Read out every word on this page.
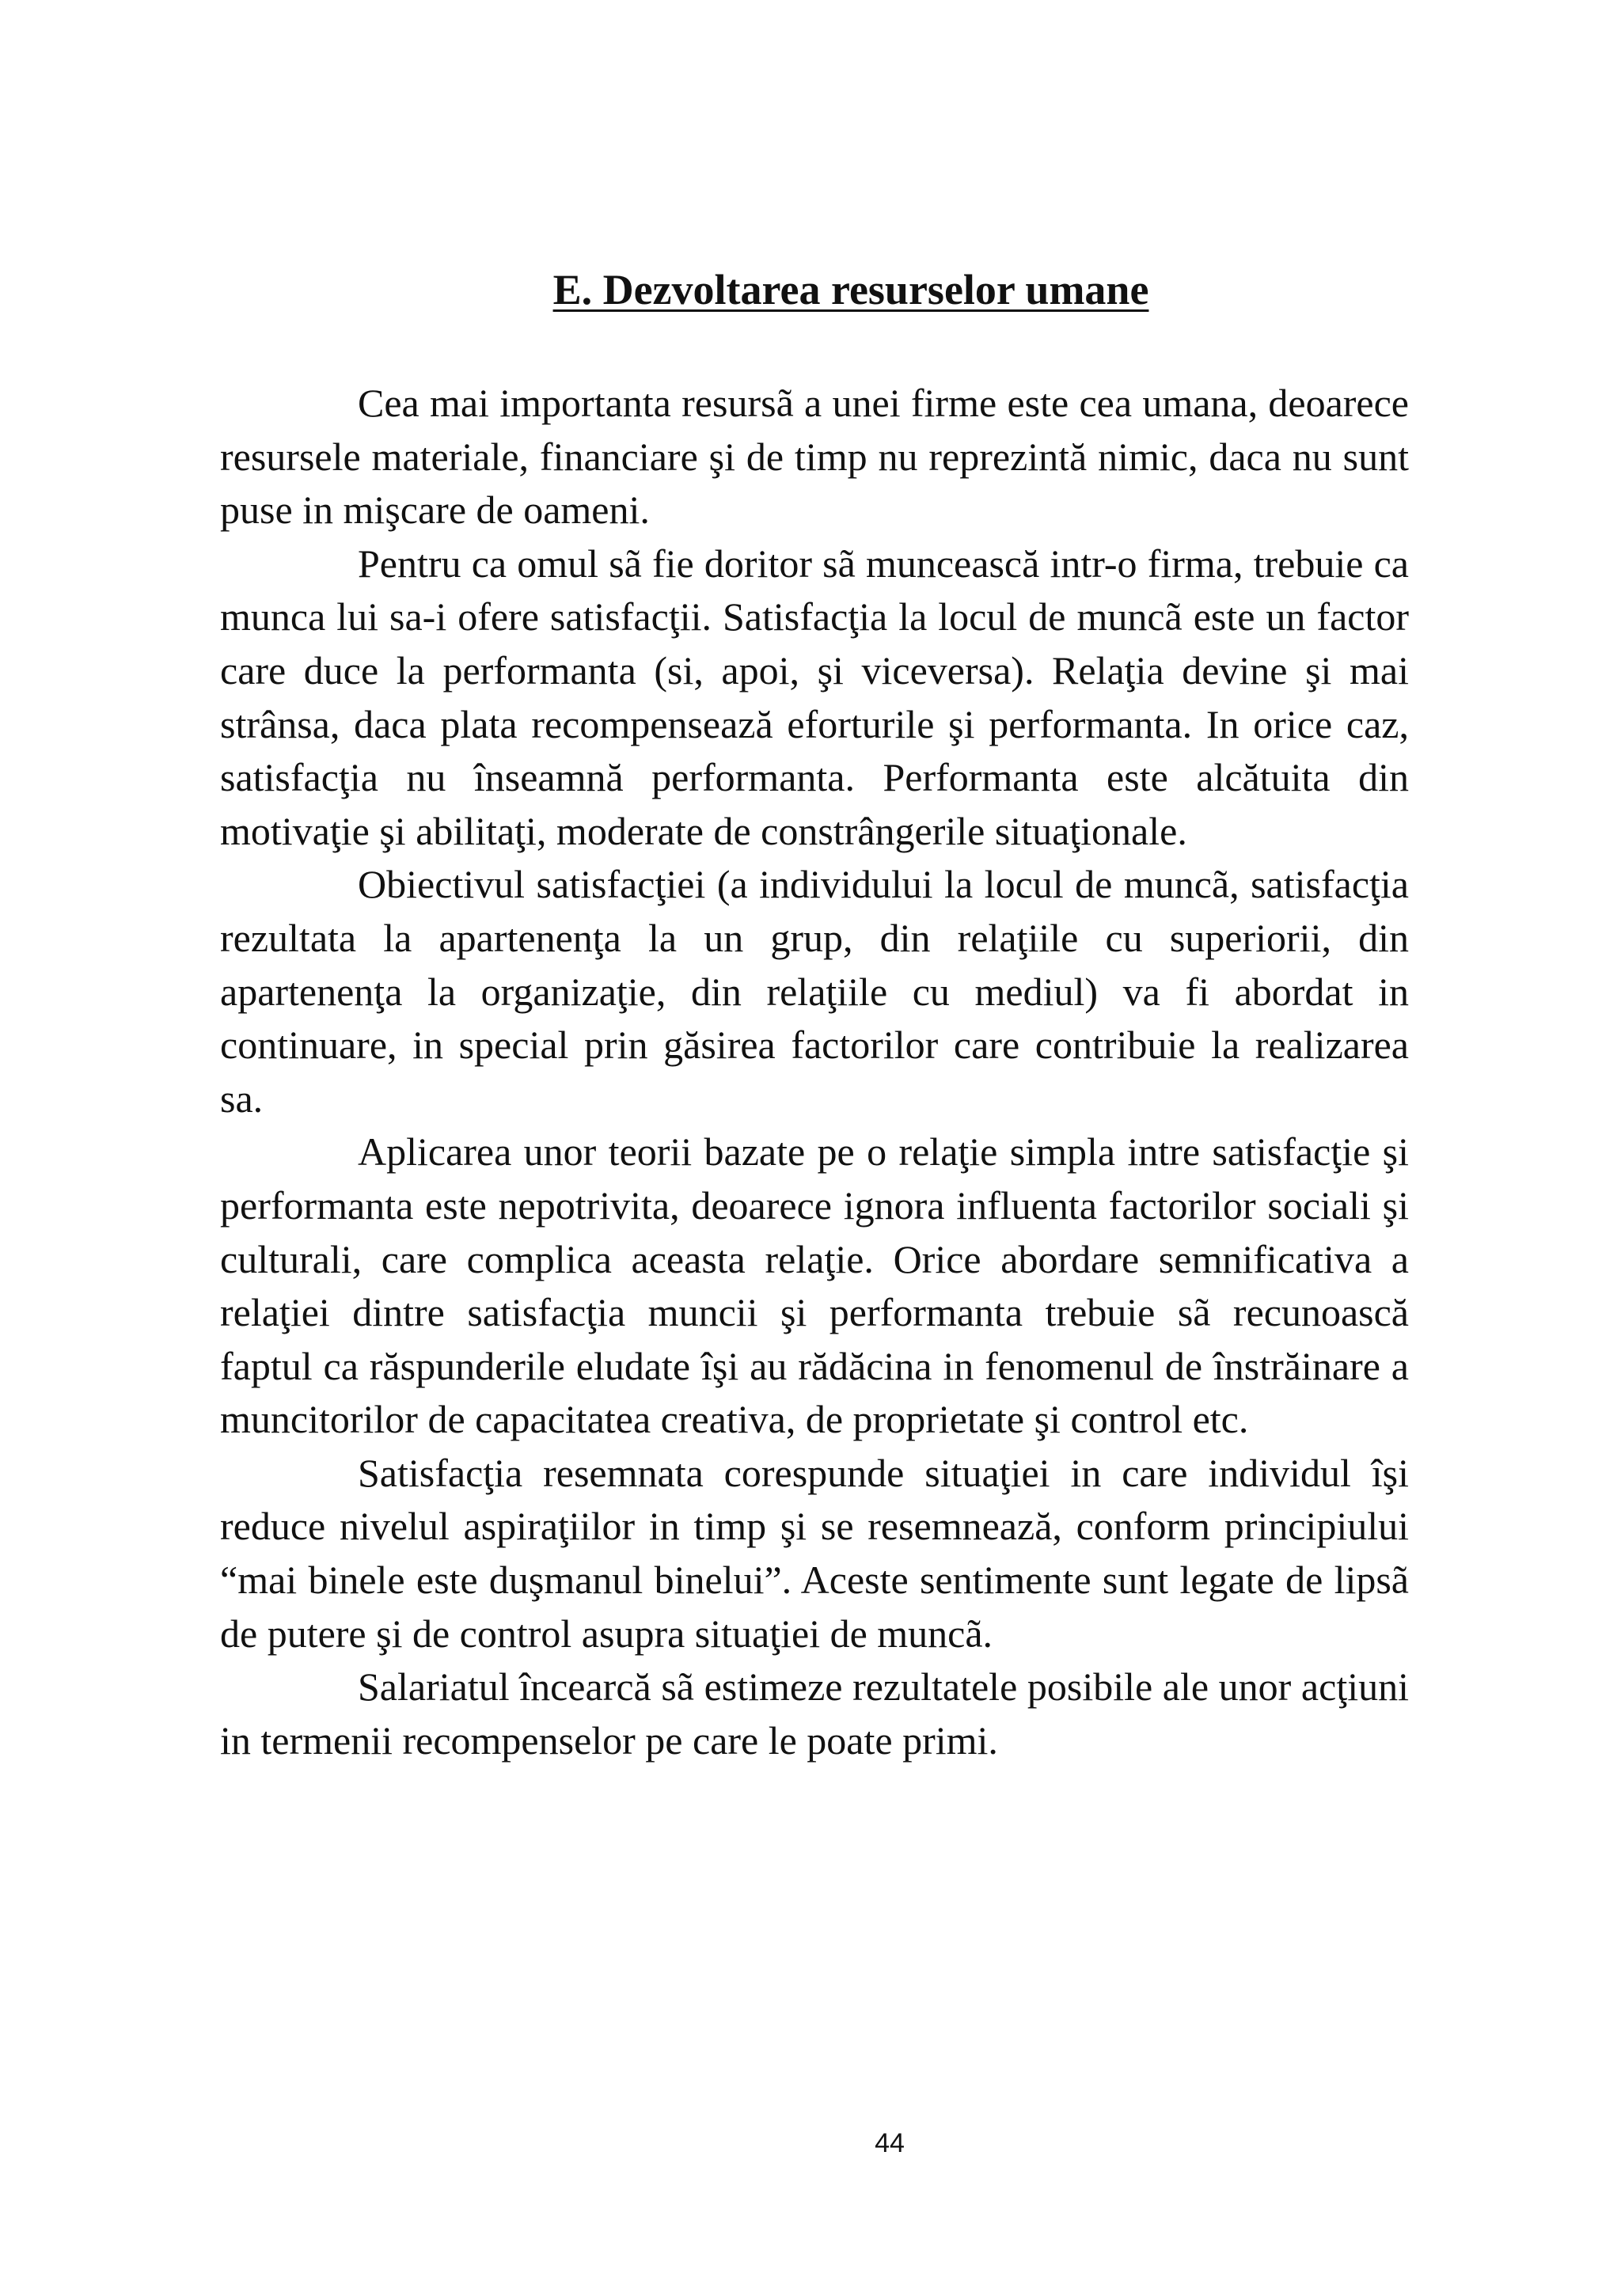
E. Dezvoltarea resurselor umane

Cea mai importanta resursã a unei firme este cea umana, deoarece resursele materiale, financiare şi de timp nu reprezintă nimic, daca nu sunt puse in mişcare de oameni.

Pentru ca omul sã fie doritor sã muncească intr-o firma, trebuie ca munca lui sa-i ofere satisfacţii. Satisfacţia la locul de muncã este un factor care duce la performanta (si, apoi, şi viceversa). Relaţia devine şi mai strânsa, daca plata recompensează eforturile şi performanta. In orice caz, satisfacţia nu înseamnă performanta. Performanta este alcătuita din motivaţie şi abilitaţi, moderate de constrângerile situaţionale.

Obiectivul satisfacţiei (a individului la locul de muncã, satisfacţia rezultata la apartenenţa la un grup, din relaţiile cu superiorii, din apartenenţa la organizaţie, din relaţiile cu mediul) va fi abordat in continuare, in special prin găsirea factorilor care contribuie la realizarea sa.

Aplicarea unor teorii bazate pe o relaţie simpla intre satisfacţie şi performanta este nepotrivita, deoarece ignora influenta factorilor sociali şi culturali, care complica aceasta relaţie. Orice abordare semnificativa a relaţiei dintre satisfacţia muncii şi performanta trebuie sã recunoască faptul ca răspunderile eludate îşi au rădăcina in fenomenul de înstrăinare a muncitorilor de capacitatea creativa, de proprietate şi control etc.

Satisfacţia resemnata corespunde situaţiei in care individul îşi reduce nivelul aspiraţiilor in timp şi se resemnează, conform principiului “mai binele este duşmanul binelui”. Aceste sentimente sunt legate de lipsã de putere şi de control asupra situaţiei de muncã.

Salariatul încearcă sã estimeze rezultatele posibile ale unor acţiuni in termenii recompenselor pe care le poate primi.

44
